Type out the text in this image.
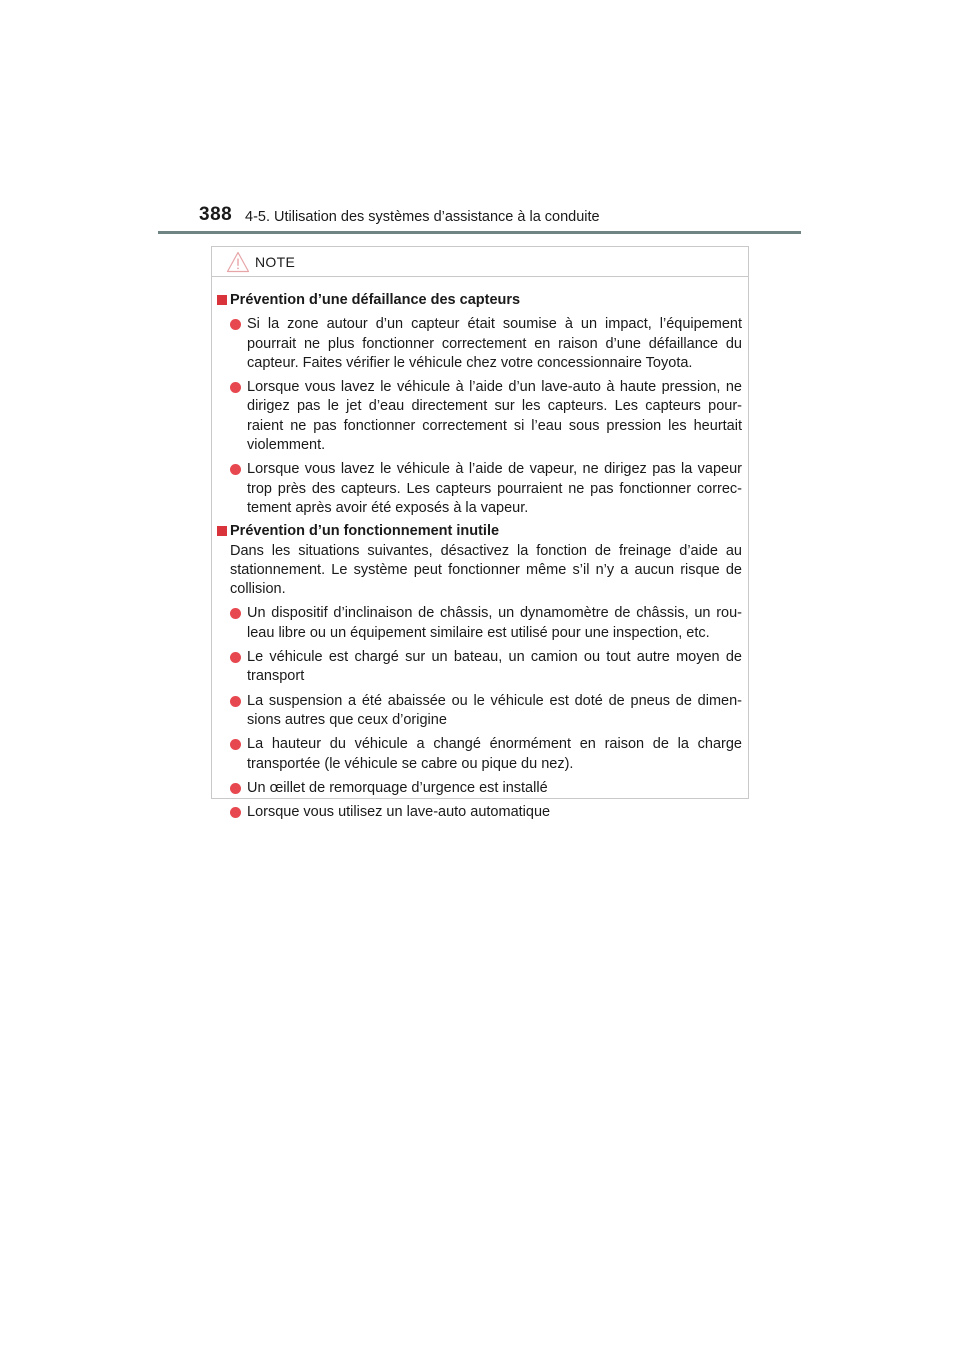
388 4-5. Utilisation des systèmes d’assistance à la conduite
NOTE
Prévention d’une défaillance des capteurs
Si la zone autour d’un capteur était soumise à un impact, l’équipement pourrait ne plus fonctionner correctement en raison d’une défaillance du capteur. Faites vérifier le véhicule chez votre concessionnaire Toyota.
Lorsque vous lavez le véhicule à l’aide d’un lave-auto à haute pression, ne dirigez pas le jet d’eau directement sur les capteurs. Les capteurs pour-raient ne pas fonctionner correctement si l’eau sous pression les heurtait violemment.
Lorsque vous lavez le véhicule à l’aide de vapeur, ne dirigez pas la vapeur trop près des capteurs. Les capteurs pourraient ne pas fonctionner correc-tement après avoir été exposés à la vapeur.
Prévention d’un fonctionnement inutile

Dans les situations suivantes, désactivez la fonction de freinage d’aide au stationnement. Le système peut fonctionner même s’il n’y a aucun risque de collision.

Un dispositif d’inclinaison de châssis, un dynamomètre de châssis, un rou-leau libre ou un équipement similaire est utilisé pour une inspection, etc.
Le véhicule est chargé sur un bateau, un camion ou tout autre moyen de transport
La suspension a été abaissée ou le véhicule est doté de pneus de dimen-sions autres que ceux d’origine
La hauteur du véhicule a changé énormément en raison de la charge transportée (le véhicule se cabre ou pique du nez).
Un œillet de remorquage d’urgence est installé
Lorsque vous utilisez un lave-auto automatique
